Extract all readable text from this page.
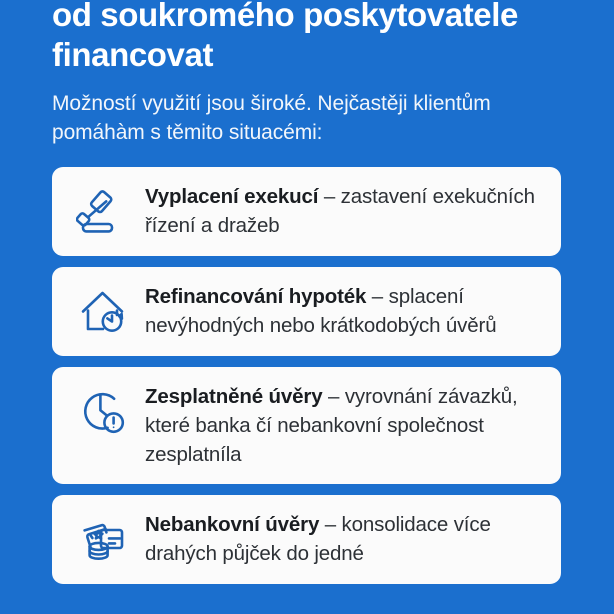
od soukromého poskytovatele financovat

Možností využití jsou široké. Nejčastěji klientům pomáhàm s těmito situacémi:

Vyplacení exekucí – zastavení exekučních řízení a dražeb
Refinancování hypoték – splacení nevýhodných nebo krátkodobých úvěrů
Zesplatněné úvěry – vyrovnání závazků, které banka čí nebankovní společnost zesplatníla
Nebankovní úvěry – konsolidace více drahých půjček do jedné
